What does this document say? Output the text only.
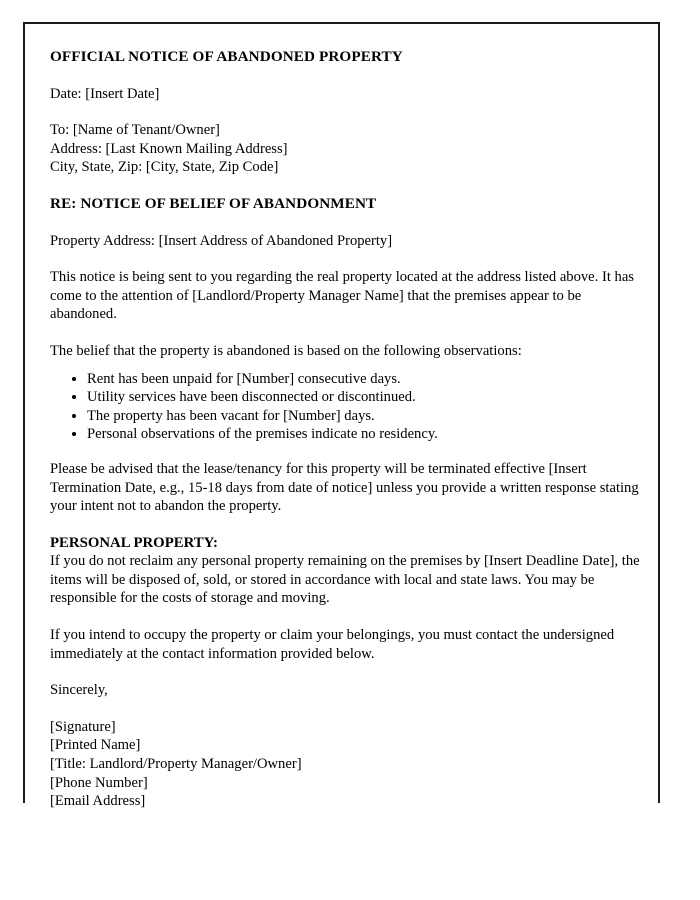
OFFICIAL NOTICE OF ABANDONED PROPERTY
Date: [Insert Date]
To: [Name of Tenant/Owner]
Address: [Last Known Mailing Address]
City, State, Zip: [City, State, Zip Code]
RE: NOTICE OF BELIEF OF ABANDONMENT
Property Address: [Insert Address of Abandoned Property]
This notice is being sent to you regarding the real property located at the address listed above. It has come to the attention of [Landlord/Property Manager Name] that the premises appear to be abandoned.
The belief that the property is abandoned is based on the following observations:
• Rent has been unpaid for [Number] consecutive days.
• Utility services have been disconnected or discontinued.
• The property has been vacant for [Number] days.
• Personal observations of the premises indicate no residency.
Please be advised that the lease/tenancy for this property will be terminated effective [Insert Termination Date, e.g., 15-18 days from date of notice] unless you provide a written response stating your intent not to abandon the property.
PERSONAL PROPERTY:
If you do not reclaim any personal property remaining on the premises by [Insert Deadline Date], the items will be disposed of, sold, or stored in accordance with local and state laws. You may be responsible for the costs of storage and moving.
If you intend to occupy the property or claim your belongings, you must contact the undersigned immediately at the contact information provided below.
Sincerely,
[Signature]
[Printed Name]
[Title: Landlord/Property Manager/Owner]
[Phone Number]
[Email Address]
